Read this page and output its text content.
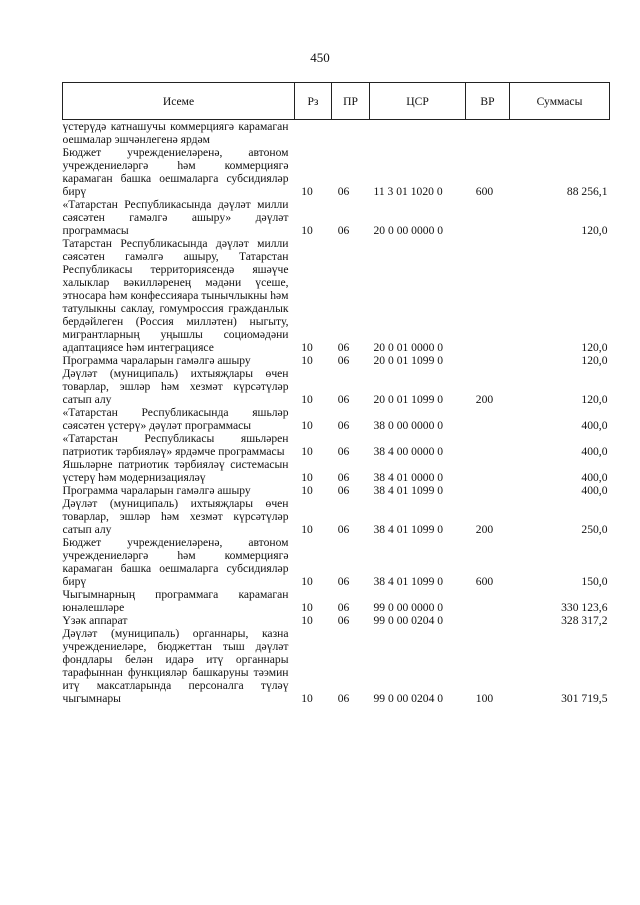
450
Исеме	Рз	ПР	ЦСР	ВР	Суммасы
үстерүдә катнашучы коммерциягә карамаган оешмалар эшчәнлегенә ярдәм					
Бюджет учреждениеләренә, автоном учреждениеләргә һәм коммерциягә карамаган башка оешмаларга субсидияләр бирү	10	06	11 3 01 1020 0	600	88 256,1
«Татарстан Республикасында дәүләт милли сәясәтен гамәлгә ашыру» дәүләт программасы	10	06	20 0 00 0000 0		120,0
Татарстан Республикасында дәүләт милли сәясәтен гамәлгә ашыру, Татарстан Республикасы территориясендә яшәүче халыклар вәкилләренең мәдәни үсеше, этносара һәм конфессияара тынычлыкны һәм татулыкны саклау, гомумроссия гражданлык бердәйлеген (Россия милләтен) ныгыту, мигрантларның уңышлы социомәдәни адаптациясе һәм интеграциясе	10	06	20 0 01 0000 0		120,0
Программа чараларын гамәлгә ашыру	10	06	20 0 01 1099 0		120,0
Дәүләт (муниципаль) ихтыяҗлары өчен товарлар, эшләр һәм хезмәт күрсәтүләр сатып алу	10	06	20 0 01 1099 0	200	120,0
«Татарстан Республикасында яшьләр сәясәтен үстерү» дәүләт программасы	10	06	38 0 00 0000 0		400,0
«Татарстан Республикасы яшьләрен патриотик тәрбияләү» ярдәмче программасы	10	06	38 4 00 0000 0		400,0
Яшьләрне патриотик тәрбияләү системасын үстерү һәм модернизацияләү	10	06	38 4 01 0000 0		400,0
Программа чараларын гамәлгә ашыру	10	06	38 4 01 1099 0		400,0
Дәүләт (муниципаль) ихтыяҗлары өчен товарлар, эшләр һәм хезмәт күрсәтүләр сатып алу	10	06	38 4 01 1099 0	200	250,0
Бюджет учреждениеләренә, автоном учреждениеләргә һәм коммерциягә карамаган башка оешмаларга субсидияләр бирү	10	06	38 4 01 1099 0	600	150,0
Чыгымнарның программага карамаган юнәлешләре	10	06	99 0 00 0000 0		330 123,6
Үзәк аппарат	10	06	99 0 00 0204 0		328 317,2
Дәүләт (муниципаль) органнары, казна учреждениеләре, бюджеттан тыш дәүләт фондлары белән идарә итү органнары тарафыннан функцияләр башкаруны тәэмин итү максатларында персоналга түләү чыгымнары	10	06	99 0 00 0204 0	100	301 719,5
